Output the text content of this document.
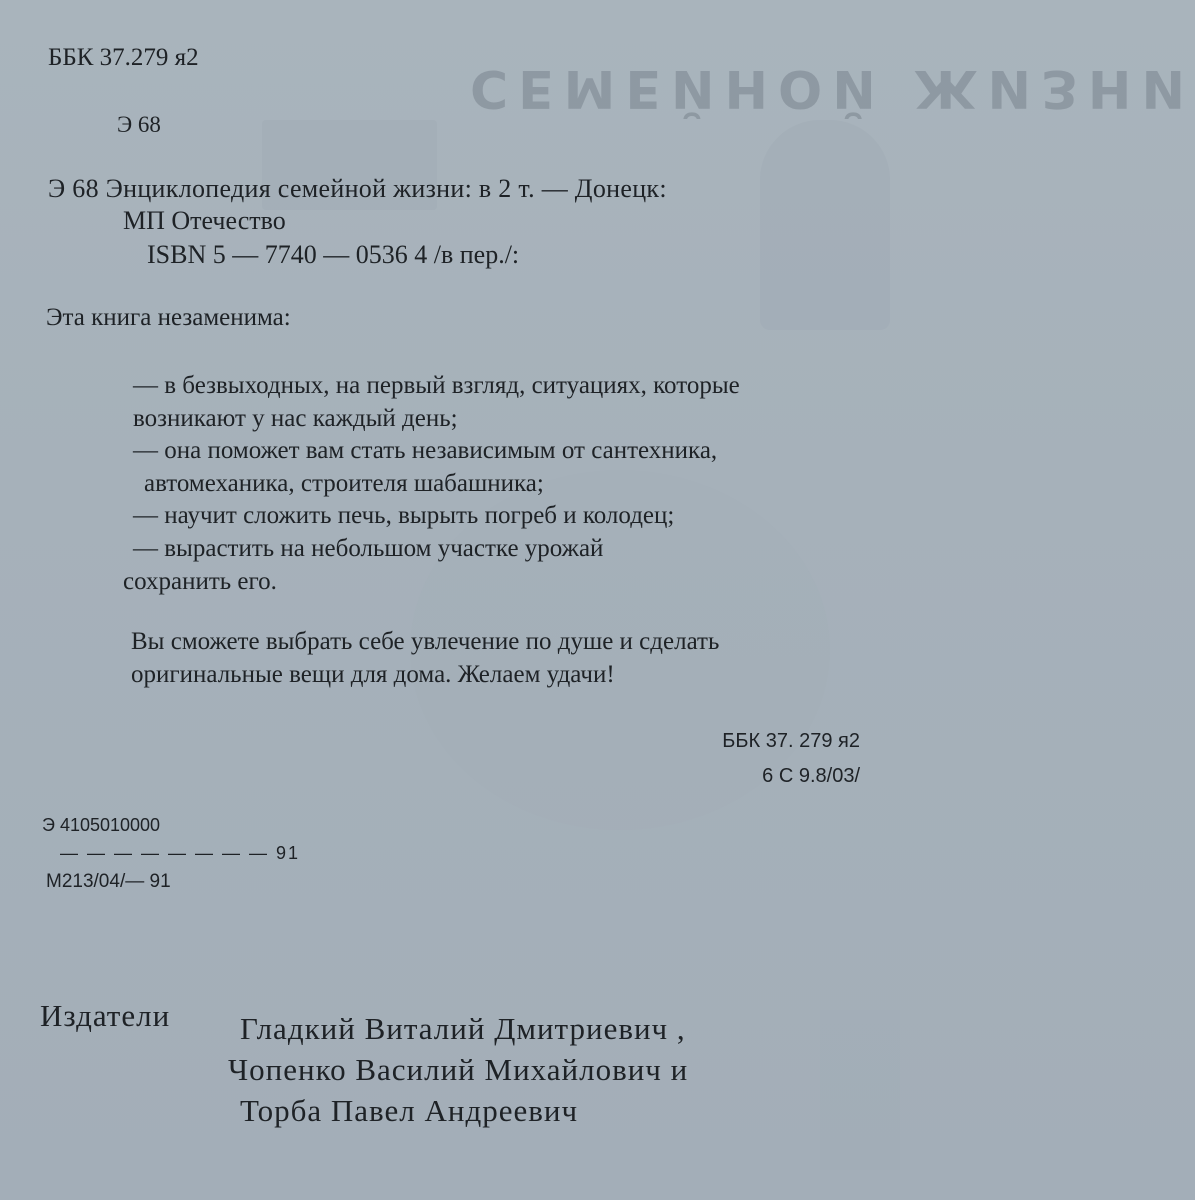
СЕМЕЙНОЙ ЖИЗНИ
ББК 37.279 я2
Э 68
Э 68 Энциклопедия семейной жизни: в 2 т. — Донецк:
МП Отечество
ISBN 5 — 7740 — 0536 4 /в пер./:
Эта книга незаменима:
— в безвыходных, на первый взгляд, ситуациях, которые
возникают у нас каждый день;
— она поможет вам стать независимым от сантехника,
автомеханика, строителя шабашника;
— научит сложить печь, вырыть погреб и колодец;
— вырастить на небольшом участке урожай
сохранить его.
Вы сможете выбрать себе увлечение по душе и сделать
оригинальные вещи для дома. Желаем удачи!
ББК 37. 279 я2
6 С 9.8/03/
Э 4105010000
— — — — — — — — 91
М213/04/— 91
Издатели	Гладкий Виталий Дмитриевич ,
Чопенко Василий Михайлович и
Торба Павел Андреевич
